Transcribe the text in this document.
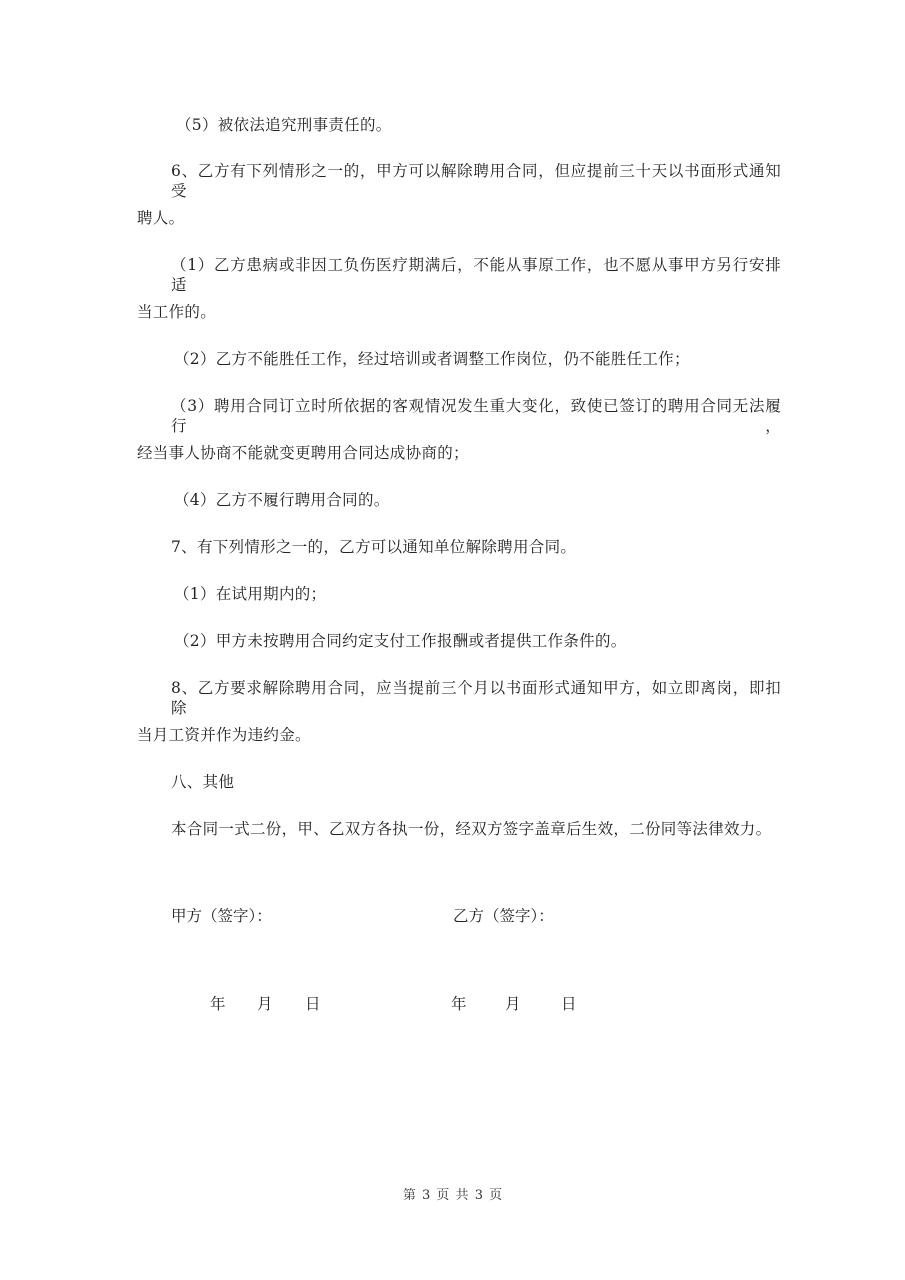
（5）被依法追究刑事责任的。
6、乙方有下列情形之一的，甲方可以解除聘用合同，但应提前三十天以书面形式通知受
聘人。
（1）乙方患病或非因工负伤医疗期满后，不能从事原工作，也不愿从事甲方另行安排适
当工作的。
（2）乙方不能胜任工作，经过培训或者调整工作岗位，仍不能胜任工作；
（3）聘用合同订立时所依据的客观情况发生重大变化，致使已签订的聘用合同无法履行，
经当事人协商不能就变更聘用合同达成协商的；
（4）乙方不履行聘用合同的。
7、有下列情形之一的，乙方可以通知单位解除聘用合同。
（1）在试用期内的；
（2）甲方未按聘用合同约定支付工作报酬或者提供工作条件的。
8、乙方要求解除聘用合同，应当提前三个月以书面形式通知甲方，如立即离岗，即扣除
当月工资并作为违约金。
八、其他
本合同一式二份，甲、乙双方各执一份，经双方签字盖章后生效，二份同等法律效力。
甲方（签字）：	乙方（签字）：
年 月 日	年 月	日
第 3 页 共 3 页
